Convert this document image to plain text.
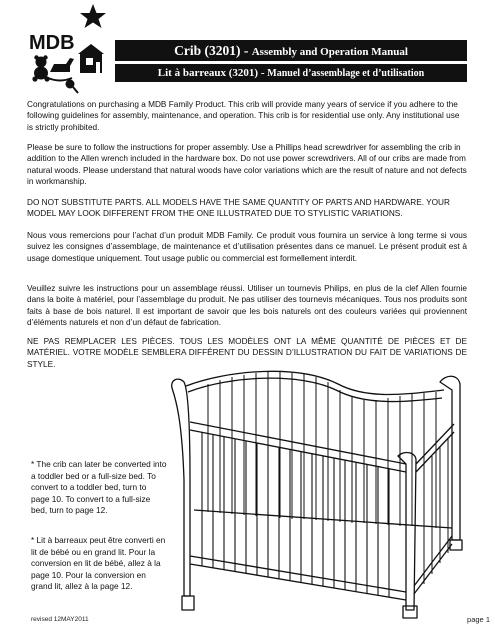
MDB	Crib (3201) - Assembly and Operation Manual
Lit à barreaux (3201) - Manuel d’assemblage et d’utilisation

Congratulations on purchasing a MDB Family Product. This crib will provide many years of service if you adhere to the following guidelines for assembly, maintenance, and operation. This crib is for residential use only. Any institutional use is strictly prohibited.

Please be sure to follow the instructions for proper assembly. Use a Phillips head screwdriver for assembling the crib in addition to the Allen wrench included in the hardware box. Do not use power screwdrivers. All of our cribs are made from natural woods. Please understand that natural woods have color variations which are the result of nature and not defects in workmanship.

DO NOT SUBSTITUTE PARTS. ALL MODELS HAVE THE SAME QUANTITY OF PARTS AND HARDWARE. YOUR MODEL MAY LOOK DIFFERENT FROM THE ONE ILLUSTRATED DUE TO STYLISTIC VARIATIONS.

Nous vous remercions pour l’achat d’un produit MDB Family. Ce produit vous fournira un service à long terme si vous suivez les consignes d’assemblage, de maintenance et d’utilisation présentes dans ce manuel. Le présent produit est à usage domestique uniquement. Tout usage public ou commercial est formellement interdit.

Veuillez suivre les instructions pour un assemblage réussi. Utiliser un tournevis Philips, en plus de la clef Allen fournie dans la boite à matériel, pour l’assemblage du produit. Ne pas utiliser des tournevis mécaniques. Tous nos produits sont faits à base de bois naturel. Il est important de savoir que les bois naturels ont des couleurs variées qui proviennent d’éléments naturels et non d’un défaut de fabrication.

NE PAS REMPLACER LES PIÈCES. TOUS LES MODÈLES ONT LA MÊME QUANTITÉ DE PIÈCES ET DE MATÉRIEL. VOTRE MODÈLE SEMBLERA DIFFÉRENT DU DESSIN D’ILLUSTRATION DU FAIT DE VARIATIONS DE STYLE.

* The crib can later be converted into a toddler bed or a full-size bed. To convert to a toddler bed, turn to page 10. To convert to a full-size bed, turn to page 12.

* Lit à barreaux peut être converti en lit de bébé ou en grand lit. Pour la conversion en lit de bébé, allez à la page 10. Pour la conversion en grand lit, allez à la page 12.

revised 12MAY2011	page 1
